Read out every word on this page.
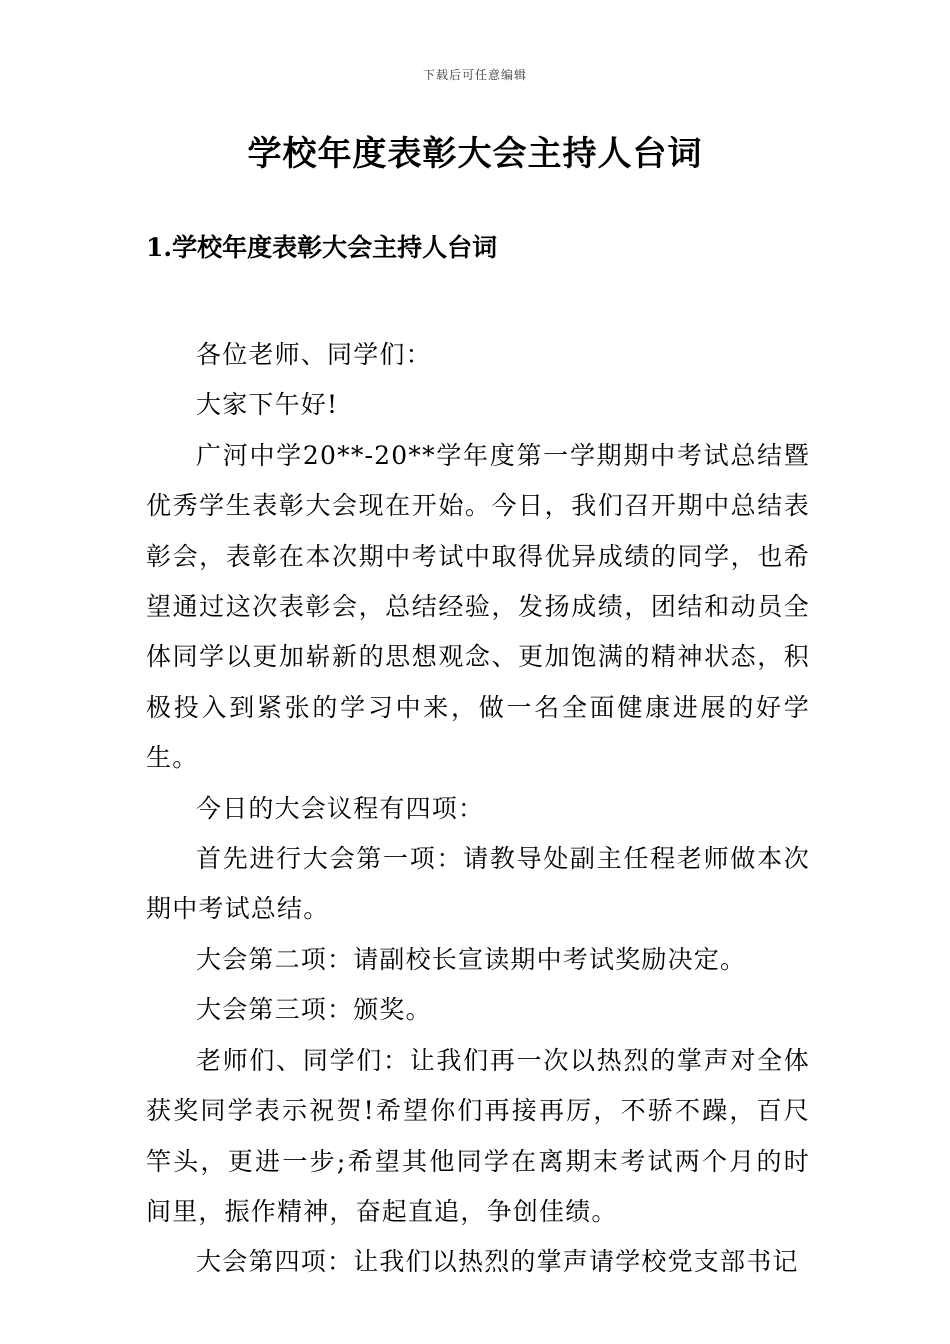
下载后可任意编辑
学校年度表彰大会主持人台词
1.学校年度表彰大会主持人台词

各位老师、同学们：

大家下午好!

广河中学20**-20**学年度第一学期期中考试总结暨优秀学生表彰大会现在开始。今日，我们召开期中总结表彰会，表彰在本次期中考试中取得优异成绩的同学，也希望通过这次表彰会，总结经验，发扬成绩，团结和动员全体同学以更加崭新的思想观念、更加饱满的精神状态，积极投入到紧张的学习中来，做一名全面健康进展的好学生。

今日的大会议程有四项：

首先进行大会第一项：请教导处副主任程老师做本次期中考试总结。

大会第二项：请副校长宣读期中考试奖励决定。

大会第三项：颁奖。

老师们、同学们：让我们再一次以热烈的掌声对全体获奖同学表示祝贺!希望你们再接再厉，不骄不躁，百尺竿头，更进一步;希望其他同学在离期末考试两个月的时间里，振作精神，奋起直追，争创佳绩。

大会第四项：让我们以热烈的掌声请学校党支部书记
